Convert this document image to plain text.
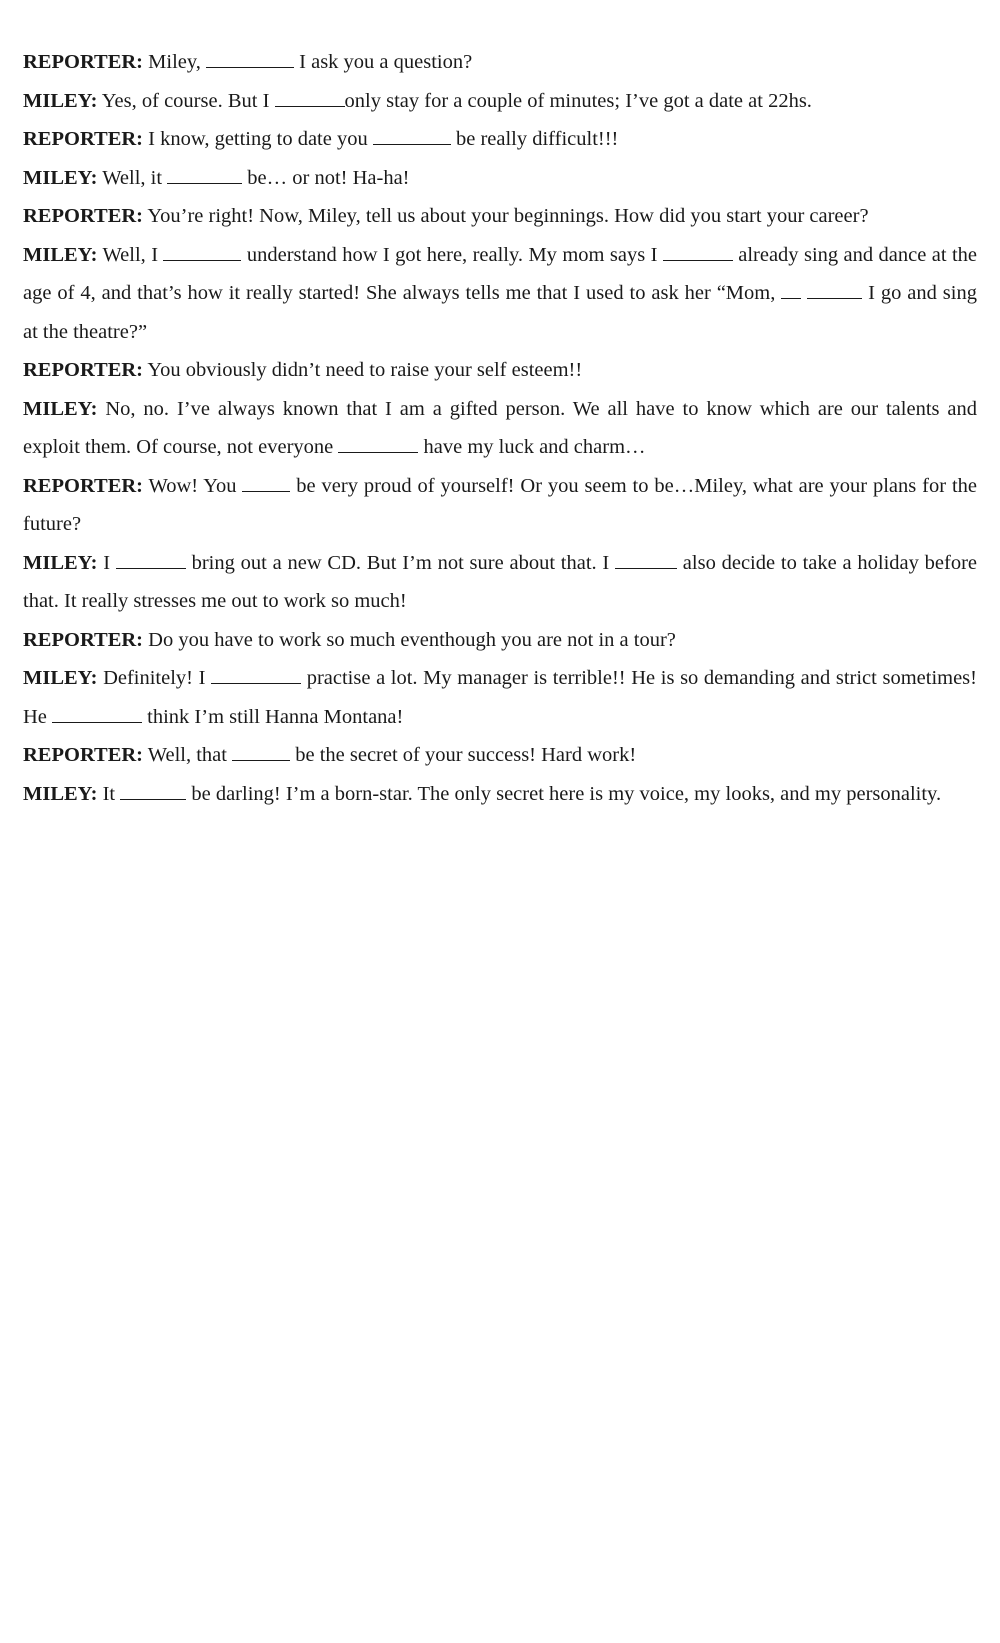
REPORTER: Miley,	I ask you a question?

MILEY: Yes, of course. But I	only stay for a couple of minutes; I’ve got a date at 22hs.

REPORTER: I know, getting to date you	be really difficult!!!

MILEY: Well, it	be… or not! Ha-ha!

REPORTER: You’re right! Now, Miley, tell us about your beginnings. How did you start your career?

MILEY: Well, I	understand how I got here, really. My mom says I	already sing and dance at the age of 4, and that’s how it really started! She always tells me that I used to ask her “Mom,	I go and sing at the theatre?”

REPORTER: You obviously didn’t need to raise your self esteem!!

MILEY: No, no. I’ve always known that I am a gifted person. We all have to know which are our talents and exploit them. Of course, not everyone	have my luck and charm…

REPORTER: Wow! You  be very proud of yourself! Or you seem to be…Miley, what are your plans for the future?

MILEY: I	bring out a new CD. But I’m not sure about that. I	also decide to take a holiday before that. It really stresses me out to work so much!

REPORTER: Do you have to work so much eventhough you are not in a tour?

MILEY: Definitely! I	practise a lot. My manager is terrible!! He is so demanding and strict sometimes! He	think I’m still Hanna Montana!

REPORTER: Well, that	be the secret of your success! Hard work!

MILEY: It	be darling! I’m a born-star. The only secret here is my voice, my looks, and my personality.
